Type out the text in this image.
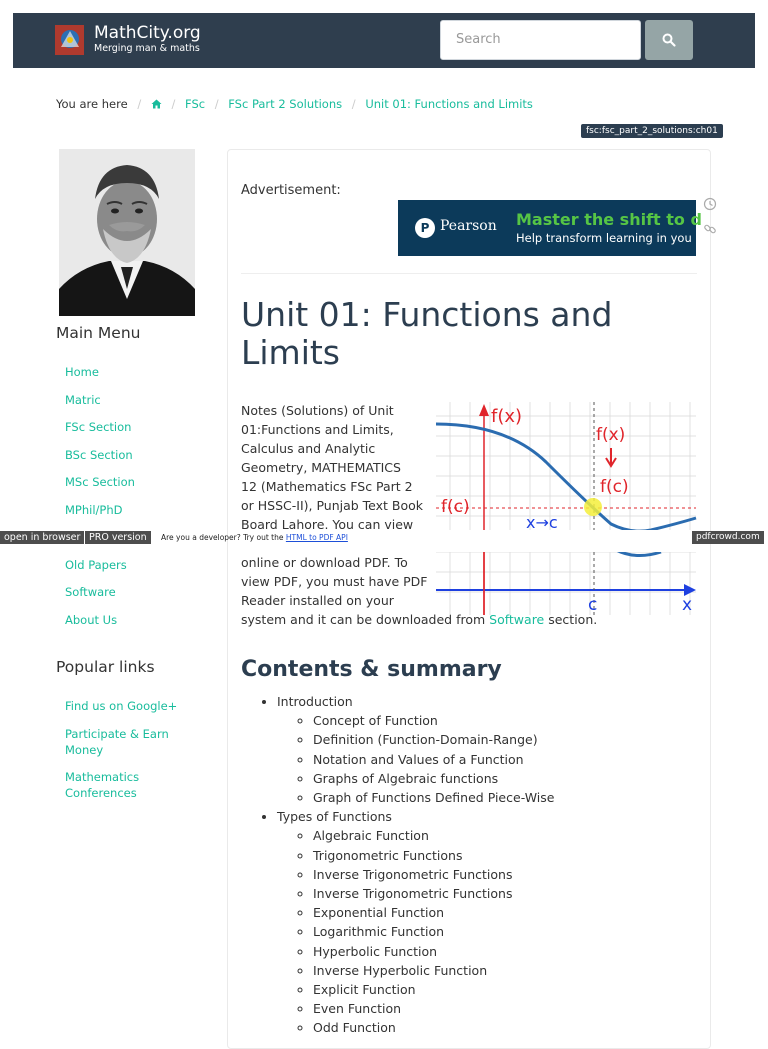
MathCity.org
Merging man & maths
Search
You are here /	/ FSc / FSc Part 2 Solutions / Unit 01: Functions and Limits
fsc:fsc_part_2_solutions:ch01
Main Menu
Home
Matric
FSc Section
BSc Section
MSc Section
MPhil/PhD
Old Papers
Software
About Us
Popular links
Find us on Google+
Participate & Earn
Money
Mathematics
Conferences
Advertisement:
P Pearson Master the shift to d
Help transform learning in you
Unit 01: Functions and Limits
Notes (Solutions) of Unit
01:Functions and Limits,
Calculus and Analytic
Geometry, MATHEMATICS
12 (Mathematics FSc Part 2
or HSSC-II), Punjab Text Book
Board Lahore. You can view
online or download PDF. To
view PDF, you must have PDF
Reader installed on your
system and it can be downloaded from Software section.
f(x)
f(x)
f(c)
f(c)
x→c
c	x
Contents & summary
• Introduction
◦ Concept of Function
◦ Definition (Function-Domain-Range)
◦ Notation and Values of a Function
◦ Graphs of Algebraic functions
◦ Graph of Functions Defined Piece-Wise
• Types of Functions
◦ Algebraic Function
◦ Trigonometric Functions
◦ Inverse Trigonometric Functions
◦ Inverse Trigonometric Functions
◦ Exponential Function
◦ Logarithmic Function
◦ Hyperbolic Function
◦ Inverse Hyperbolic Function
◦ Explicit Function
◦ Even Function
◦ Odd Function
open in browser PRO version	Are you a developer? Try out the HTML to PDF API	pdfcrowd.com
